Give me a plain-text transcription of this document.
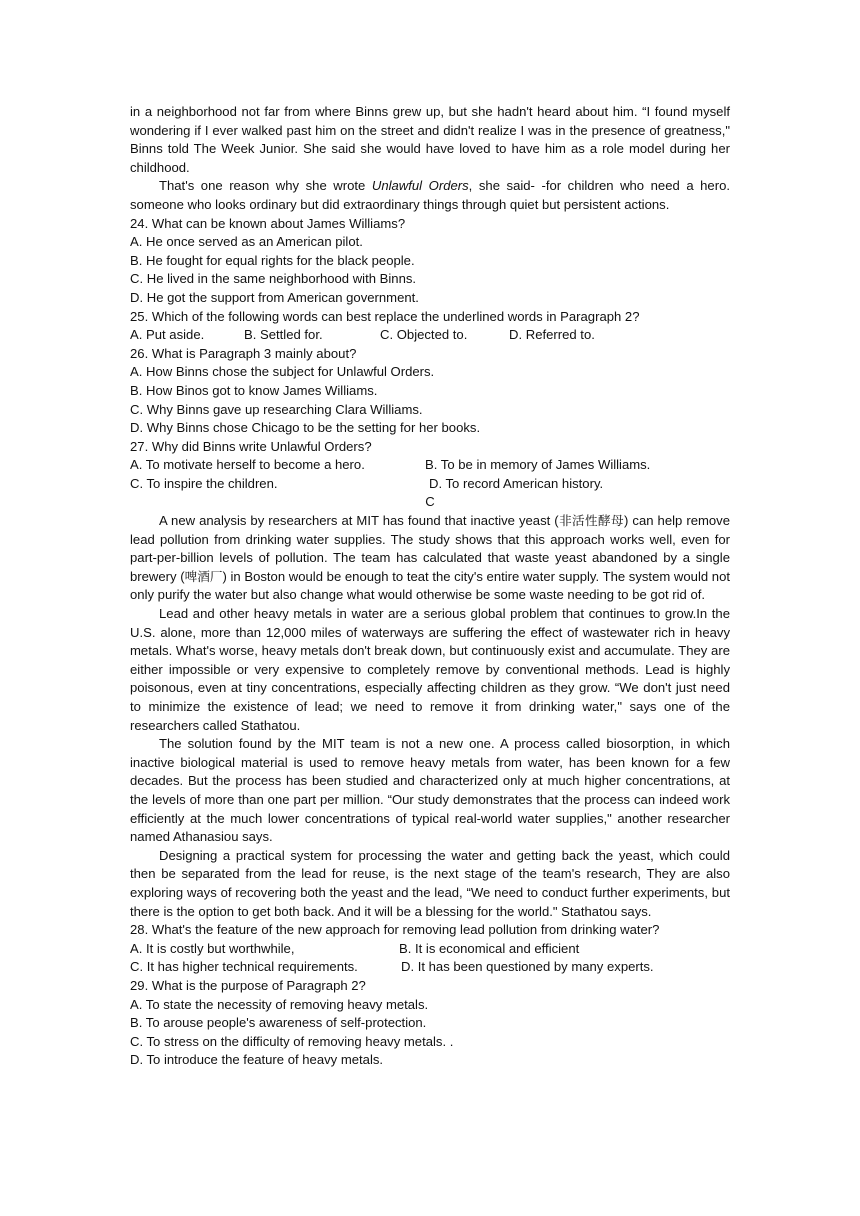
in a neighborhood not far from where Binns grew up, but she hadn't heard about him. “I found myself wondering if I ever walked past him on the street and didn't realize I was in the presence of greatness," Binns told The Week Junior. She said she would have loved to have him as a role model during her childhood.

That's one reason why she wrote Unlawful Orders, she said- -for children who need a hero. someone who looks ordinary but did extraordinary things through quiet but persistent actions.

24. What can be known about James Williams?

A. He once served as an American pilot.

B. He fought for equal rights for the black people.

C. He lived in the same neighborhood with Binns.

D. He got the support from American government.

25. Which of the following words can best replace the underlined words in Paragraph 2?

A. Put aside.	B. Settled for.	C. Objected to.	D. Referred to.

26. What is Paragraph 3 mainly about?

A. How Binns chose the subject for Unlawful Orders.

B. How Binos got to know James Williams.

C. Why Binns gave up researching Clara Williams.

D. Why Binns chose Chicago to be the setting for her books.

27. Why did Binns write Unlawful Orders?

A. To motivate herself to become a hero.	B. To be in memory of James Williams.
C. To inspire the children.	D. To record American history.

C

A new analysis by researchers at MIT has found that inactive yeast (非活性酵母) can help remove lead pollution from drinking water supplies. The study shows that this approach works well, even for part-per-billion levels of pollution. The team has calculated that waste yeast abandoned by a single brewery (啤酒厂) in Boston would be enough to teat the city's entire water supply. The system would not only purify the water but also change what would otherwise be some waste needing to be got rid of.

Lead and other heavy metals in water are a serious global problem that continues to grow.In the U.S. alone, more than 12,000 miles of waterways are suffering the effect of wastewater rich in heavy metals. What's worse, heavy metals don't break down, but continuously exist and accumulate. They are either impossible or very expensive to completely remove by conventional methods. Lead is highly poisonous, even at tiny concentrations, especially affecting children as they grow. “We don't just need to minimize the existence of lead; we need to remove it from drinking water," says one of the researchers called Stathatou.

The solution found by the MIT team is not a new one. A process called biosorption, in which inactive biological material is used to remove heavy metals from water, has been known for a few decades. But the process has been studied and characterized only at much higher concentrations, at the levels of more than one part per million. “Our study demonstrates that the process can indeed work efficiently at the much lower concentrations of typical real-world water supplies," another researcher named Athanasiou says.

Designing a practical system for processing the water and getting back the yeast, which could then be separated from the lead for reuse, is the next stage of the team's research, They are also exploring ways of recovering both the yeast and the lead, “We need to conduct further experiments, but there is the option to get both back. And it will be a blessing for the world." Stathatou says.

28. What's the feature of the new approach for removing lead pollution from drinking water?

A. It is costly but worthwhile,	B. It is economical and efficient
C. It has higher technical requirements.	D. It has been questioned by many experts.

29. What is the purpose of Paragraph 2?

A. To state the necessity of removing heavy metals.

B. To arouse people's awareness of self-protection.

C. To stress on the difficulty of removing heavy metals. .

D. To introduce the feature of heavy metals.
